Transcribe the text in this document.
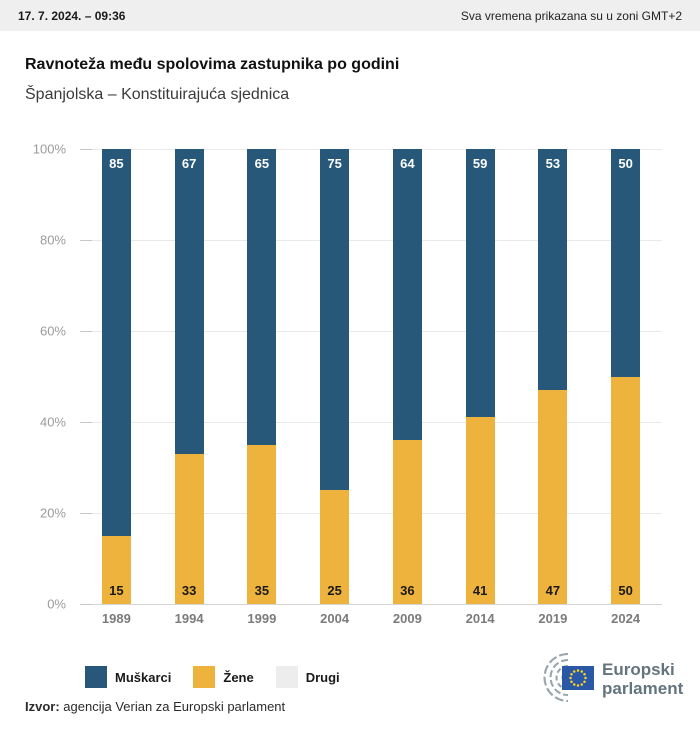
17. 7. 2024. – 09:36	Sva vremena prikazana su u zoni GMT+2
Ravnoteža među spolovima zastupnika po godini
Španjolska – Konstituirajuća sjednica
0%
20%
40%
60%
80%
100%
85
15
67
33
65
35
75
25
64
36
59
41
53
47
50
50
1989	1994	1999	2004	2009	2014	2019	2024
Muškarci	Žene	Drugi
Izvor: agencija Verian za Europski parlament
Europski
parlament
